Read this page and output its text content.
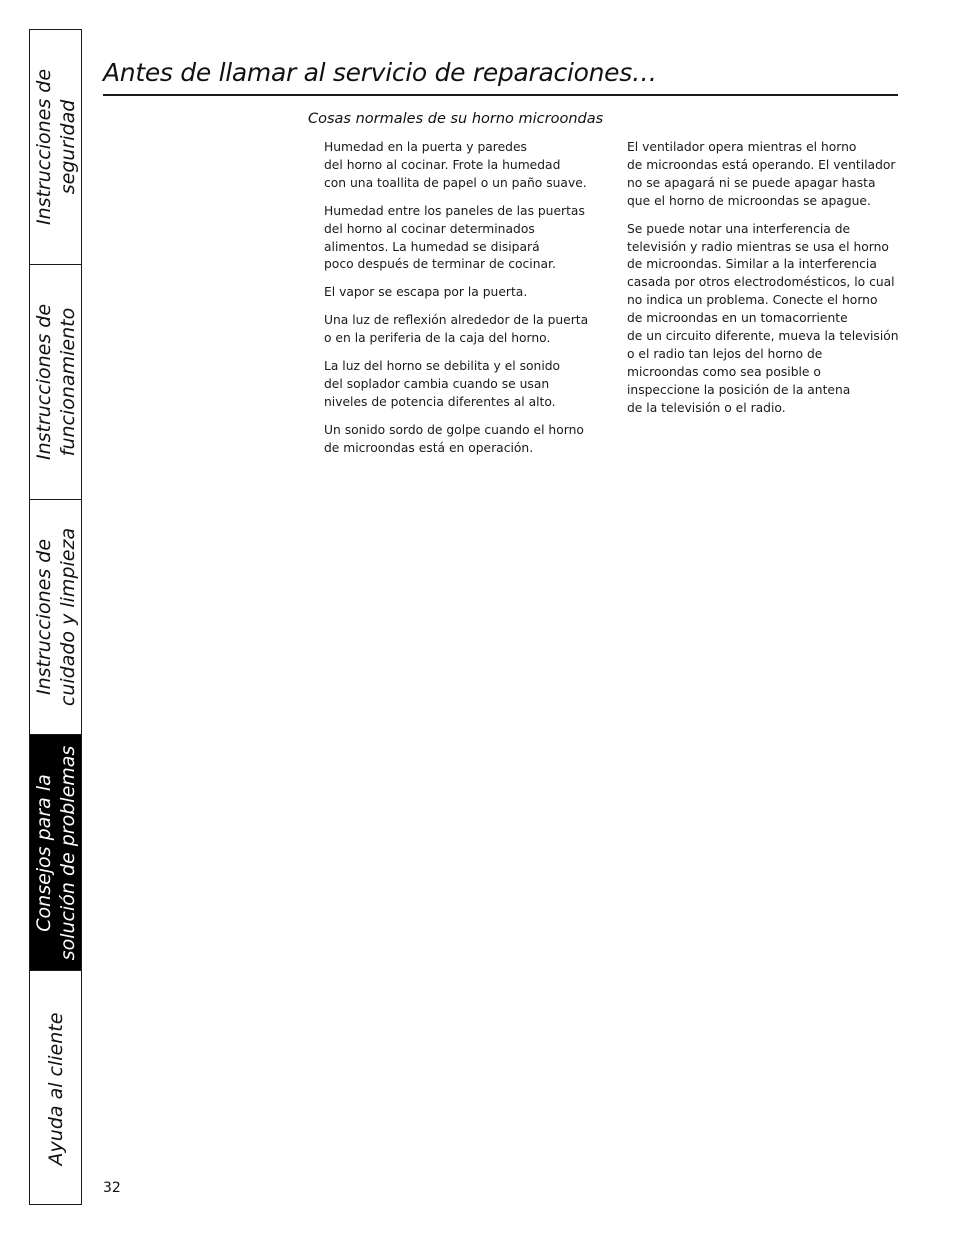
Instrucciones de seguridad
Instrucciones de funcionamiento
Instrucciones de cuidado y limpieza
Consejos para la solución de problemas
Ayuda al cliente
Antes de llamar al servicio de reparaciones…
Cosas normales de su horno microondas

Humedad en la puerta y paredes
del horno al cocinar. Frote la humedad
con una toallita de papel o un paño suave.

Humedad entre los paneles de las puertas
del horno al cocinar determinados
alimentos. La humedad se disipará
poco después de terminar de cocinar.

El vapor se escapa por la puerta.

Una luz de reflexión alrededor de la puerta
o en la periferia de la caja del horno.

La luz del horno se debilita y el sonido
del soplador cambia cuando se usan
niveles de potencia diferentes al alto.

Un sonido sordo de golpe cuando el horno
de microondas está en operación.

El ventilador opera mientras el horno
de microondas está operando. El ventilador
no se apagará ni se puede apagar hasta
que el horno de microondas se apague.

Se puede notar una interferencia de
televisión y radio mientras se usa el horno
de microondas. Similar a la interferencia
casada por otros electrodomésticos, lo cual
no indica un problema. Conecte el horno
de microondas en un tomacorriente
de un circuito diferente, mueva la televisión
o el radio tan lejos del horno de
microondas como sea posible o
inspeccione la posición de la antena
de la televisión o el radio.

32
